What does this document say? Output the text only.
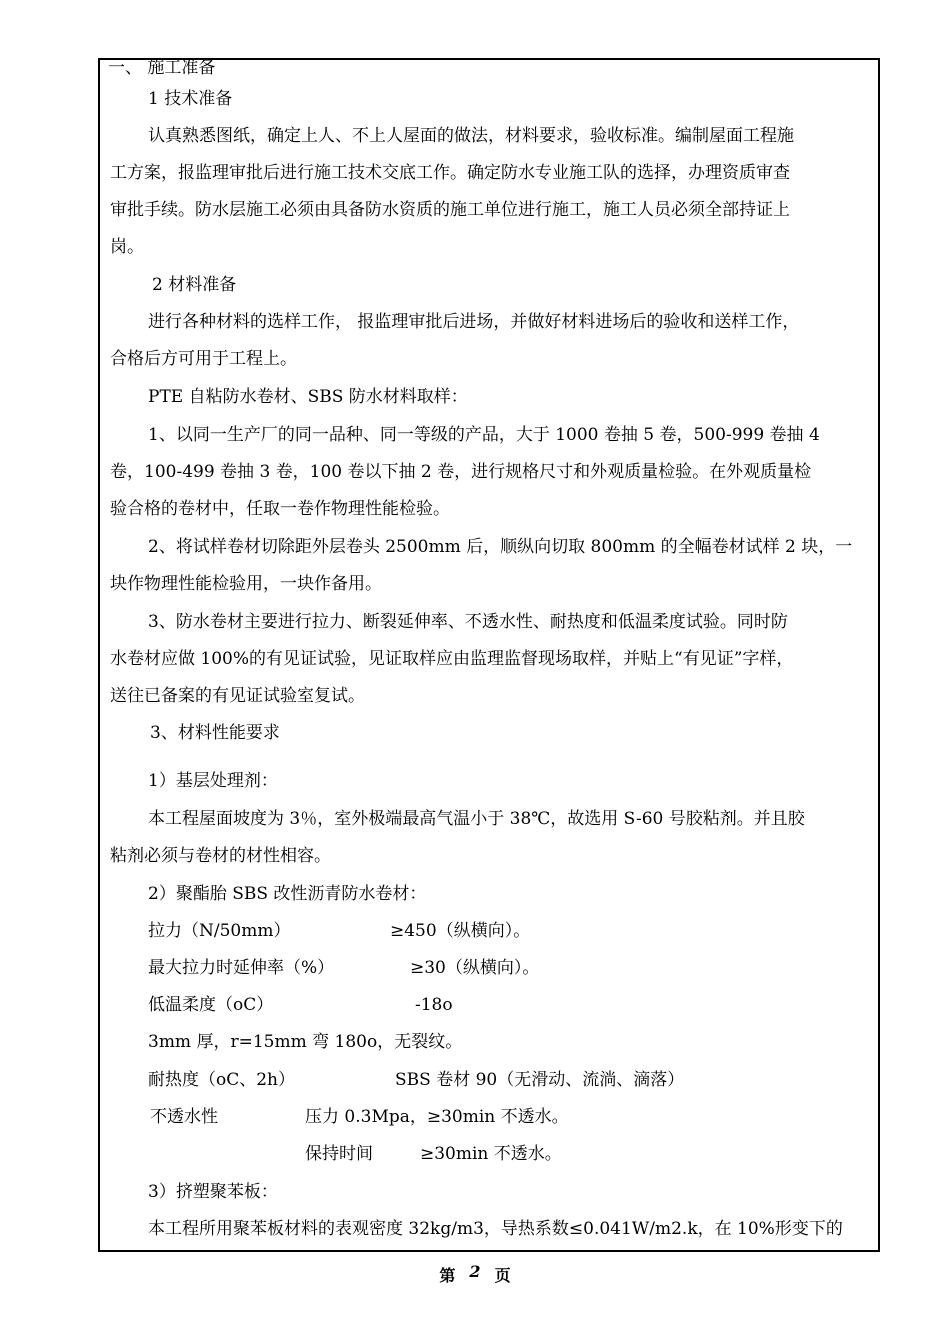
一、 施工准备
1 技术准备
认真熟悉图纸，确定上人、不上人屋面的做法，材料要求，验收标准。编制屋面工程施
工方案，报监理审批后进行施工技术交底工作。确定防水专业施工队的选择，办理资质审查
审批手续。防水层施工必须由具备防水资质的施工单位进行施工，施工人员必须全部持证上
岗。
2 材料准备
进行各种材料的选样工作， 报监理审批后进场，并做好材料进场后的验收和送样工作，
合格后方可用于工程上。
PTE 自粘防水卷材、SBS 防水材料取样：
1、以同一生产厂的同一品种、同一等级的产品，大于 1000 卷抽 5 卷，500-999 卷抽 4
卷，100-499 卷抽 3 卷，100 卷以下抽 2 卷，进行规格尺寸和外观质量检验。在外观质量检
验合格的卷材中，任取一卷作物理性能检验。
2、将试样卷材切除距外层卷头 2500mm 后，顺纵向切取 800mm 的全幅卷材试样 2 块，一
块作物理性能检验用，一块作备用。
3、防水卷材主要进行拉力、断裂延伸率、不透水性、耐热度和低温柔度试验。同时防
水卷材应做 100%的有见证试验，见证取样应由监理监督现场取样，并贴上“有见证”字样，
送往已备案的有见证试验室复试。
3、材料性能要求
1）基层处理剂：
本工程屋面坡度为 3％，室外极端最高气温小于 38℃，故选用 S-60 号胶粘剂。并且胶
粘剂必须与卷材的材性相容。
2）聚酯胎 SBS 改性沥青防水卷材：
拉力（N/50mm）	≥450（纵横向）。
最大拉力时延伸率（%）	≥30（纵横向）。
低温柔度（oC）	-18o
3mm 厚，r=15mm 弯 180o，无裂纹。
耐热度（oC、2h）	SBS 卷材 90（无滑动、流淌、滴落）
不透水性	压力 0.3Mpa，≥30min 不透水。
保持时间	≥30min 不透水。
3）挤塑聚苯板：
本工程所用聚苯板材料的表观密度 32kg/m3，导热系数≤0.041W/m2.k，在 10%形变下的
第 2 页
